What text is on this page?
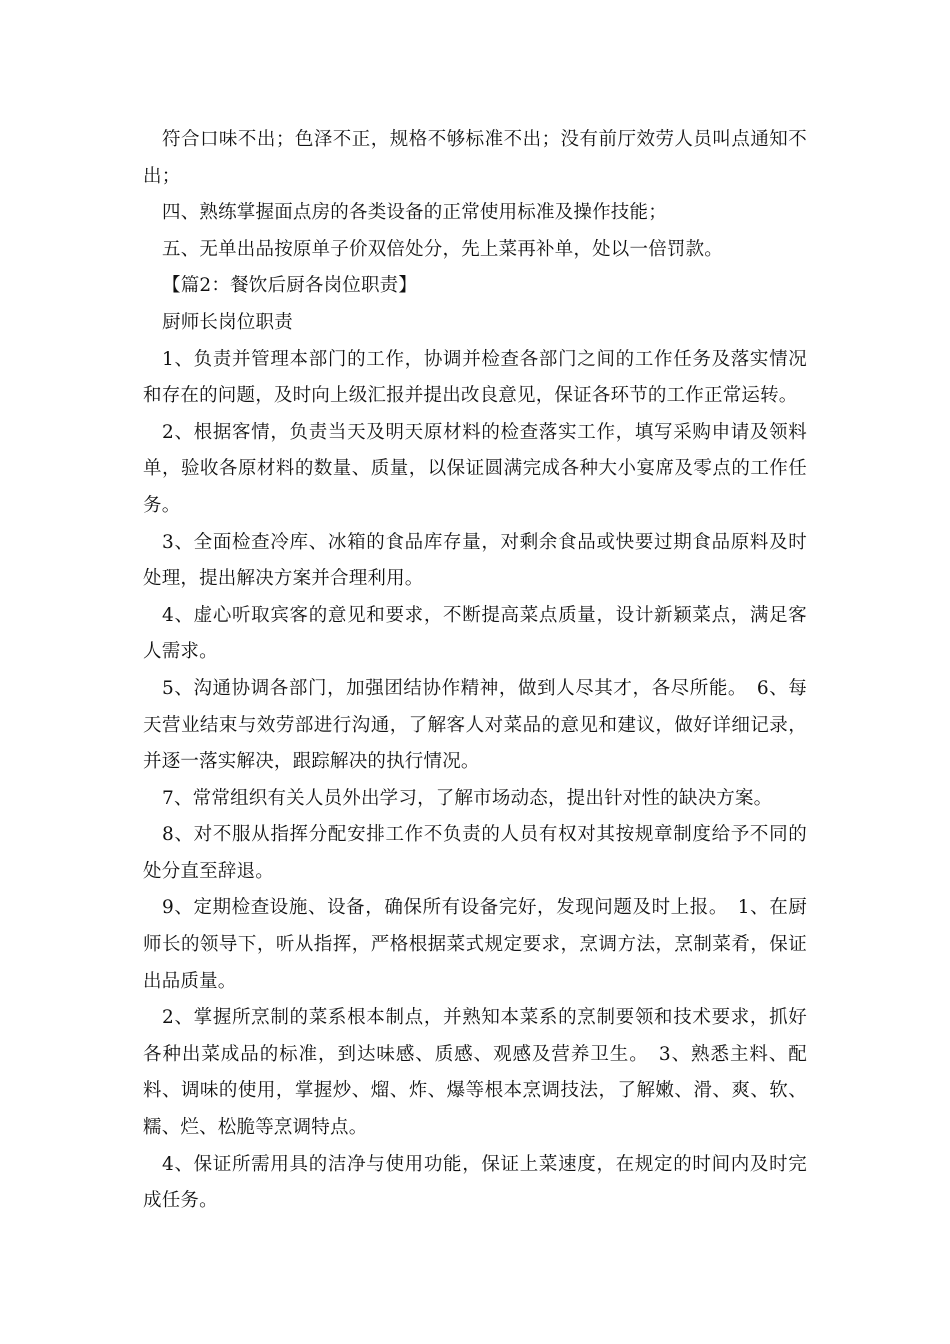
符合口味不出；色泽不正，规格不够标准不出；没有前厅效劳人员叫点通知不出；

四、熟练掌握面点房的各类设备的正常使用标准及操作技能；

五、无单出品按原单子价双倍处分，先上菜再补单，处以一倍罚款。

【篇2：餐饮后厨各岗位职责】

厨师长岗位职责

1、负责并管理本部门的工作，协调并检查各部门之间的工作任务及落实情况和存在的问题，及时向上级汇报并提出改良意见，保证各环节的工作正常运转。

2、根据客情，负责当天及明天原材料的检查落实工作，填写采购申请及领料单，验收各原材料的数量、质量，以保证圆满完成各种大小宴席及零点的工作任务。

3、全面检查冷库、冰箱的食品库存量，对剩余食品或快要过期食品原料及时处理，提出解决方案并合理利用。

4、虚心听取宾客的意见和要求，不断提高菜点质量，设计新颖菜点，满足客人需求。

5、沟通协调各部门，加强团结协作精神，做到人尽其才，各尽所能。　6、每天营业结束与效劳部进行沟通，了解客人对菜品的意见和建议，做好详细记录，并逐一落实解决，跟踪解决的执行情况。

7、常常组织有关人员外出学习，了解市场动态，提出针对性的缺决方案。

8、对不服从指挥分配安排工作不负责的人员有权对其按规章制度给予不同的处分直至辞退。

9、定期检查设施、设备，确保所有设备完好，发现问题及时上报。　1、在厨师长的领导下，听从指挥，严格根据菜式规定要求，烹调方法，烹制菜肴，保证出品质量。

2、掌握所烹制的菜系根本制点，并熟知本菜系的烹制要领和技术要求，抓好各种出菜成品的标准，到达味感、质感、观感及营养卫生。　3、熟悉主料、配料、调味的使用，掌握炒、熘、炸、爆等根本烹调技法，了解嫩、滑、爽、软、糯、烂、松脆等烹调特点。

4、保证所需用具的洁净与使用功能，保证上菜速度，在规定的时间内及时完成任务。
